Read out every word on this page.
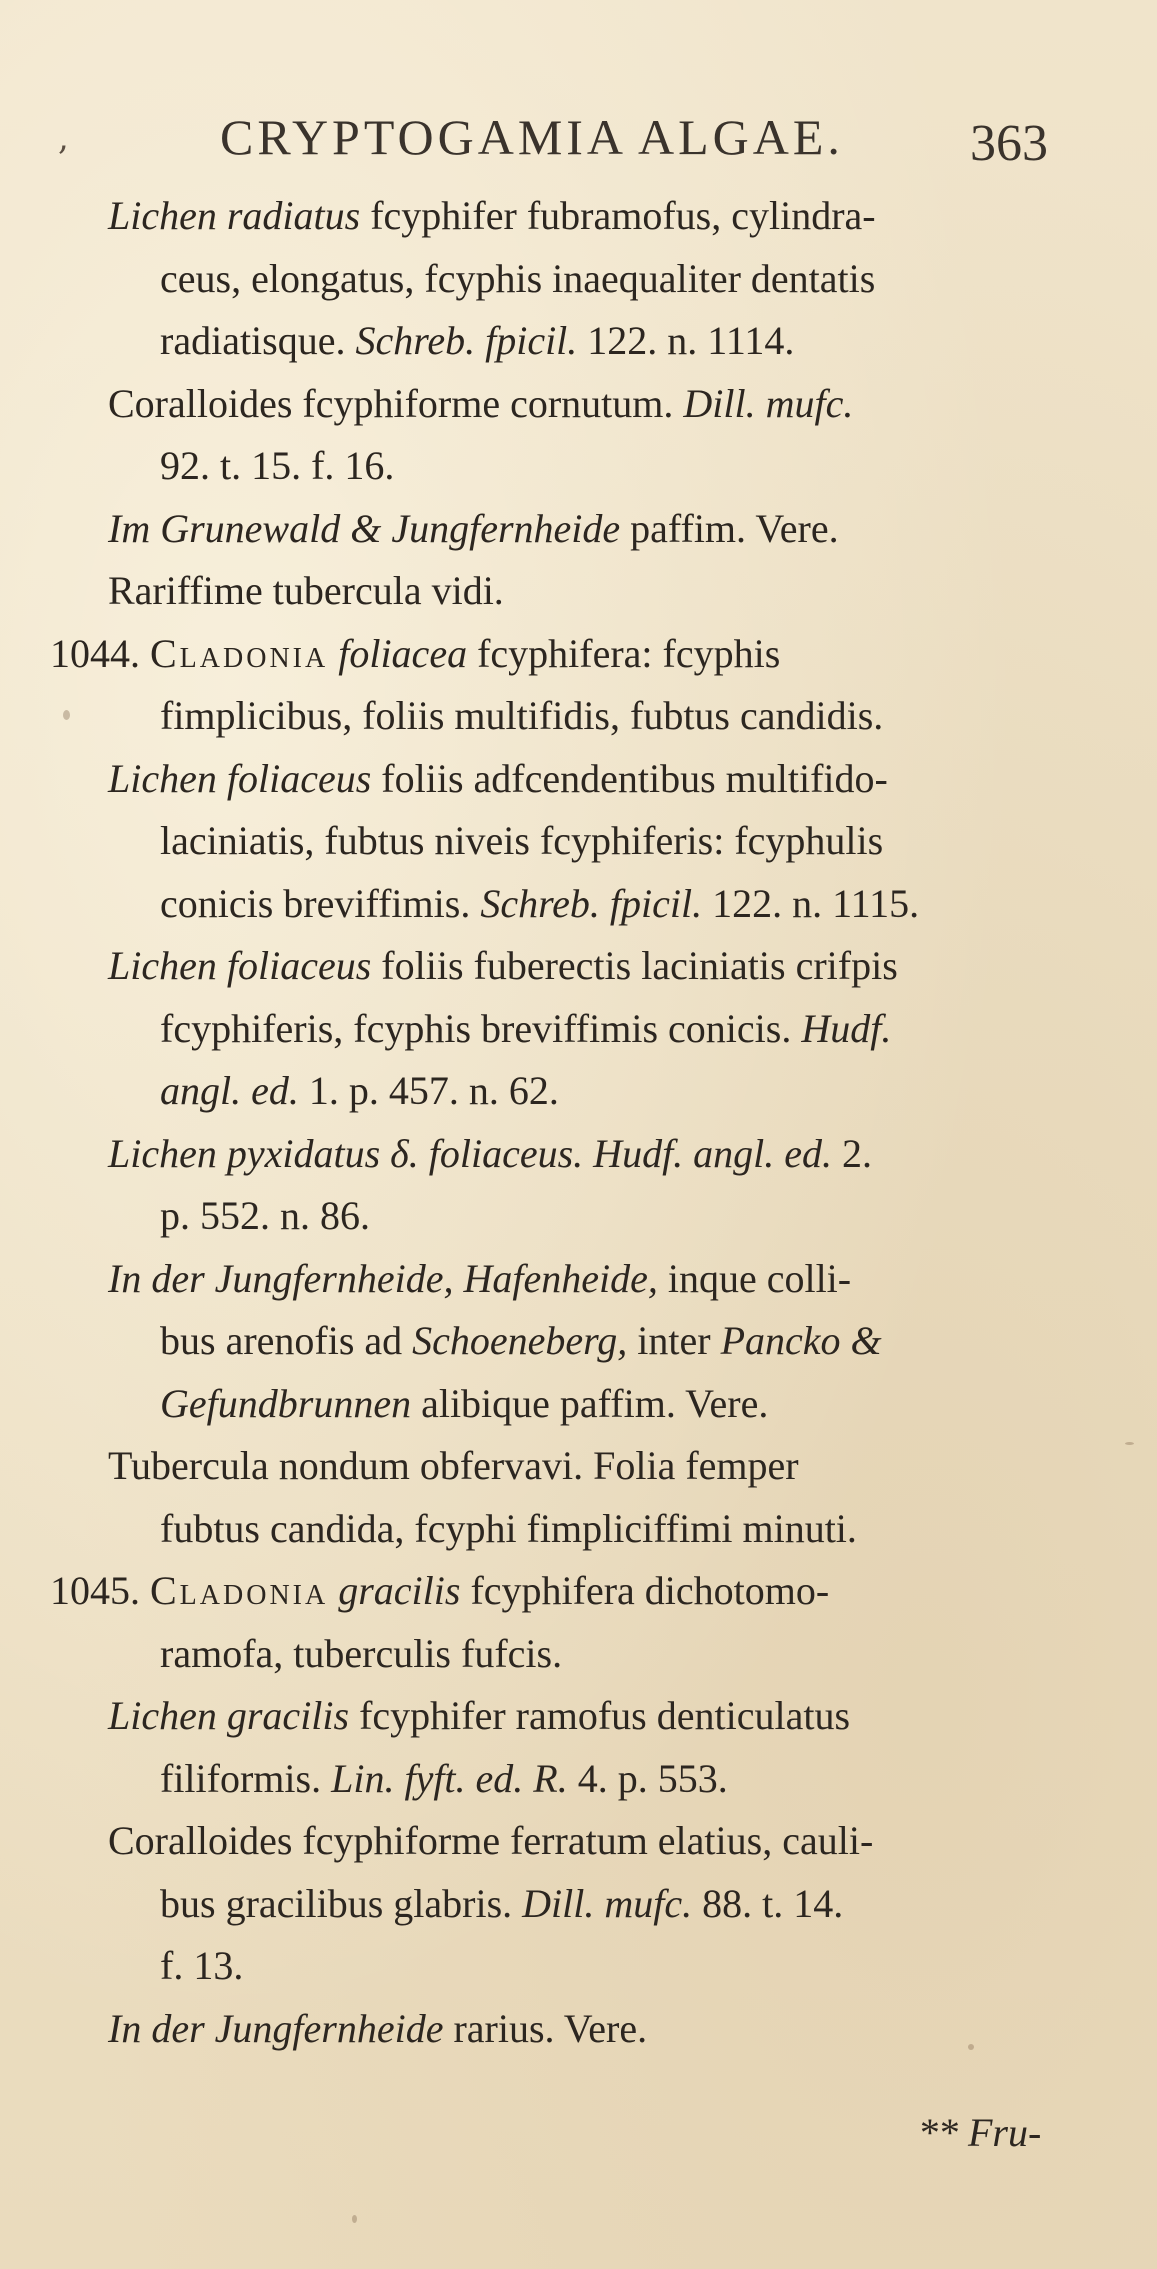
,	CRYPTOGAMIA ALGAE. 363
Lichen radiatus fcyphifer fubramofus, cylindra-
ceus, elongatus, fcyphis inaequaliter dentatis
radiatisque. Schreb. fpicil. 122. n. 1114.
Coralloides fcyphiforme cornutum. Dill. mufc.
92. t. 15. f. 16.
Im Grunewald & Jungfernheide paffim. Vere.
Rariffime tubercula vidi.
1044. Cladonia foliacea fcyphifera: fcyphis
fimplicibus, foliis multifidis, fubtus candidis.
Lichen foliaceus foliis adfcendentibus multifido-
laciniatis, fubtus niveis fcyphiferis: fcyphulis
conicis breviffimis. Schreb. fpicil. 122. n. 1115.
Lichen foliaceus foliis fuberectis laciniatis crifpis
fcyphiferis, fcyphis breviffimis conicis. Hudf.
angl. ed. 1. p. 457. n. 62.
Lichen pyxidatus δ. foliaceus. Hudf. angl. ed. 2.
p. 552. n. 86.
In der Jungfernheide, Hafenheide, inque colli-
bus arenofis ad Schoeneberg, inter Pancko &
Gefundbrunnen alibique paffim. Vere.
Tubercula nondum obfervavi. Folia femper
fubtus candida, fcyphi fimpliciffimi minuti.
1045. Cladonia gracilis fcyphifera dichotomo-
ramofa, tuberculis fufcis.
Lichen gracilis fcyphifer ramofus denticulatus
filiformis. Lin. fyft. ed. R. 4. p. 553.
Coralloides fcyphiforme ferratum elatius, cauli-
bus gracilibus glabris. Dill. mufc. 88. t. 14.
f. 13.
In der Jungfernheide rarius. Vere.
** Fru-
